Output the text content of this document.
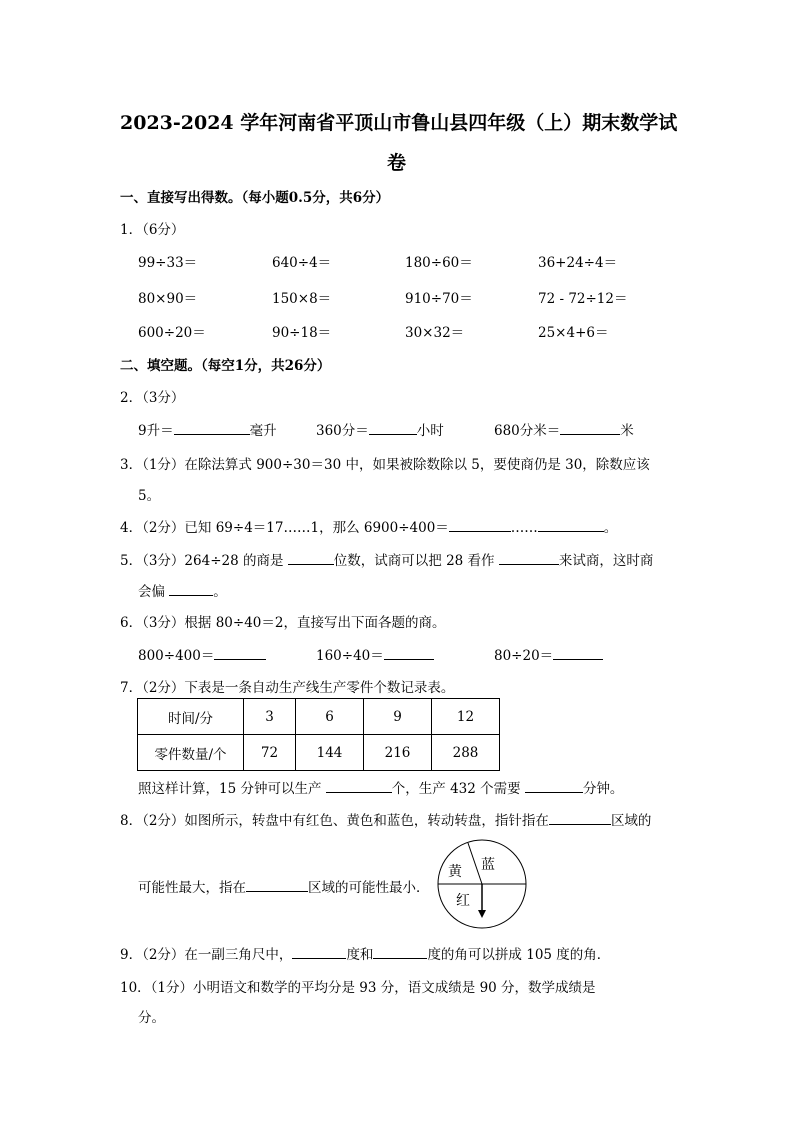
2023-2024 学年河南省平顶山市鲁山县四年级（上）期末数学试
卷
一、直接写出得数。（每小题0.5分，共6分）
1．（6分）
99÷33＝	640÷4＝	180÷60＝	36+24÷4＝
80×90＝	150×8＝	910÷70＝	72 - 72÷12＝
600÷20＝	90÷18＝	30×32＝	25×4+6＝
二、填空题。（每空1分，共26分）
2．（3分）
9升＝	毫升	360分＝	小时	680分米＝	米
3．（1分）在除法算式 900÷30＝30 中，如果被除数除以 5，要使商仍是 30，除数应该
5。
4．（2分）已知 69÷4＝17……1，那么 6900÷400＝	……	。
5．（3分）264÷28 的商是	位数，试商可以把 28 看作	来试商，这时商
会偏	。
6．（3分）根据 80÷40＝2，直接写出下面各题的商。
800÷400＝	160÷40＝	80÷20＝
7．（2分）下表是一条自动生产线生产零件个数记录表。
时间/分	3	6	9	12
零件数量/个	72	144	216	288
照这样计算，15 分钟可以生产	个，生产 432 个需要	分钟。
8．（2分）如图所示，转盘中有红色、黄色和蓝色，转动转盘，指针指在	区域的
可能性最大，指在	区域的可能性最小．
蓝
黄
红
9．（2分）在一副三角尺中，	度和	度的角可以拼成 105 度的角．
10．（1分）小明语文和数学的平均分是 93 分，语文成绩是 90 分，数学成绩是
分。
